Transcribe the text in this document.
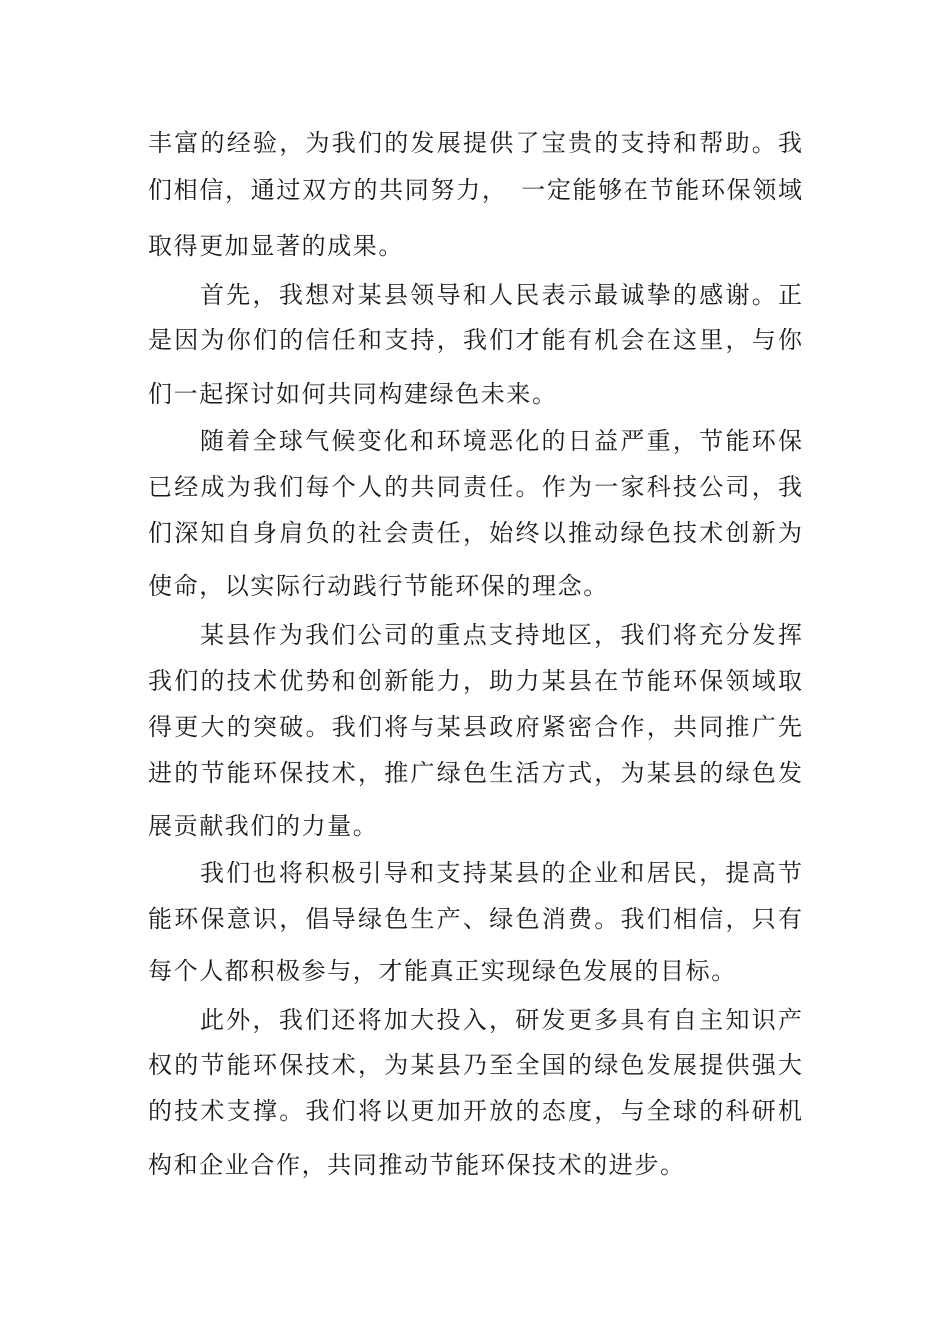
丰富的经验，为我们的发展提供了宝贵的支持和帮助。我
们相信，通过双方的共同努力，　一定能够在节能环保领域
取得更加显著的成果。
首先，我想对某县领导和人民表示最诚挚的感谢。正
是因为你们的信任和支持，我们才能有机会在这里，与你
们一起探讨如何共同构建绿色未来。
随着全球气候变化和环境恶化的日益严重，节能环保
已经成为我们每个人的共同责任。作为一家科技公司，我
们深知自身肩负的社会责任，始终以推动绿色技术创新为
使命，以实际行动践行节能环保的理念。
某县作为我们公司的重点支持地区，我们将充分发挥
我们的技术优势和创新能力，助力某县在节能环保领域取
得更大的突破。我们将与某县政府紧密合作，共同推广先
进的节能环保技术，推广绿色生活方式，为某县的绿色发
展贡献我们的力量。
我们也将积极引导和支持某县的企业和居民，提高节
能环保意识，倡导绿色生产、绿色消费。我们相信，只有
每个人都积极参与，才能真正实现绿色发展的目标。
此外，我们还将加大投入，研发更多具有自主知识产
权的节能环保技术，为某县乃至全国的绿色发展提供强大
的技术支撑。我们将以更加开放的态度，与全球的科研机
构和企业合作，共同推动节能环保技术的进步。
